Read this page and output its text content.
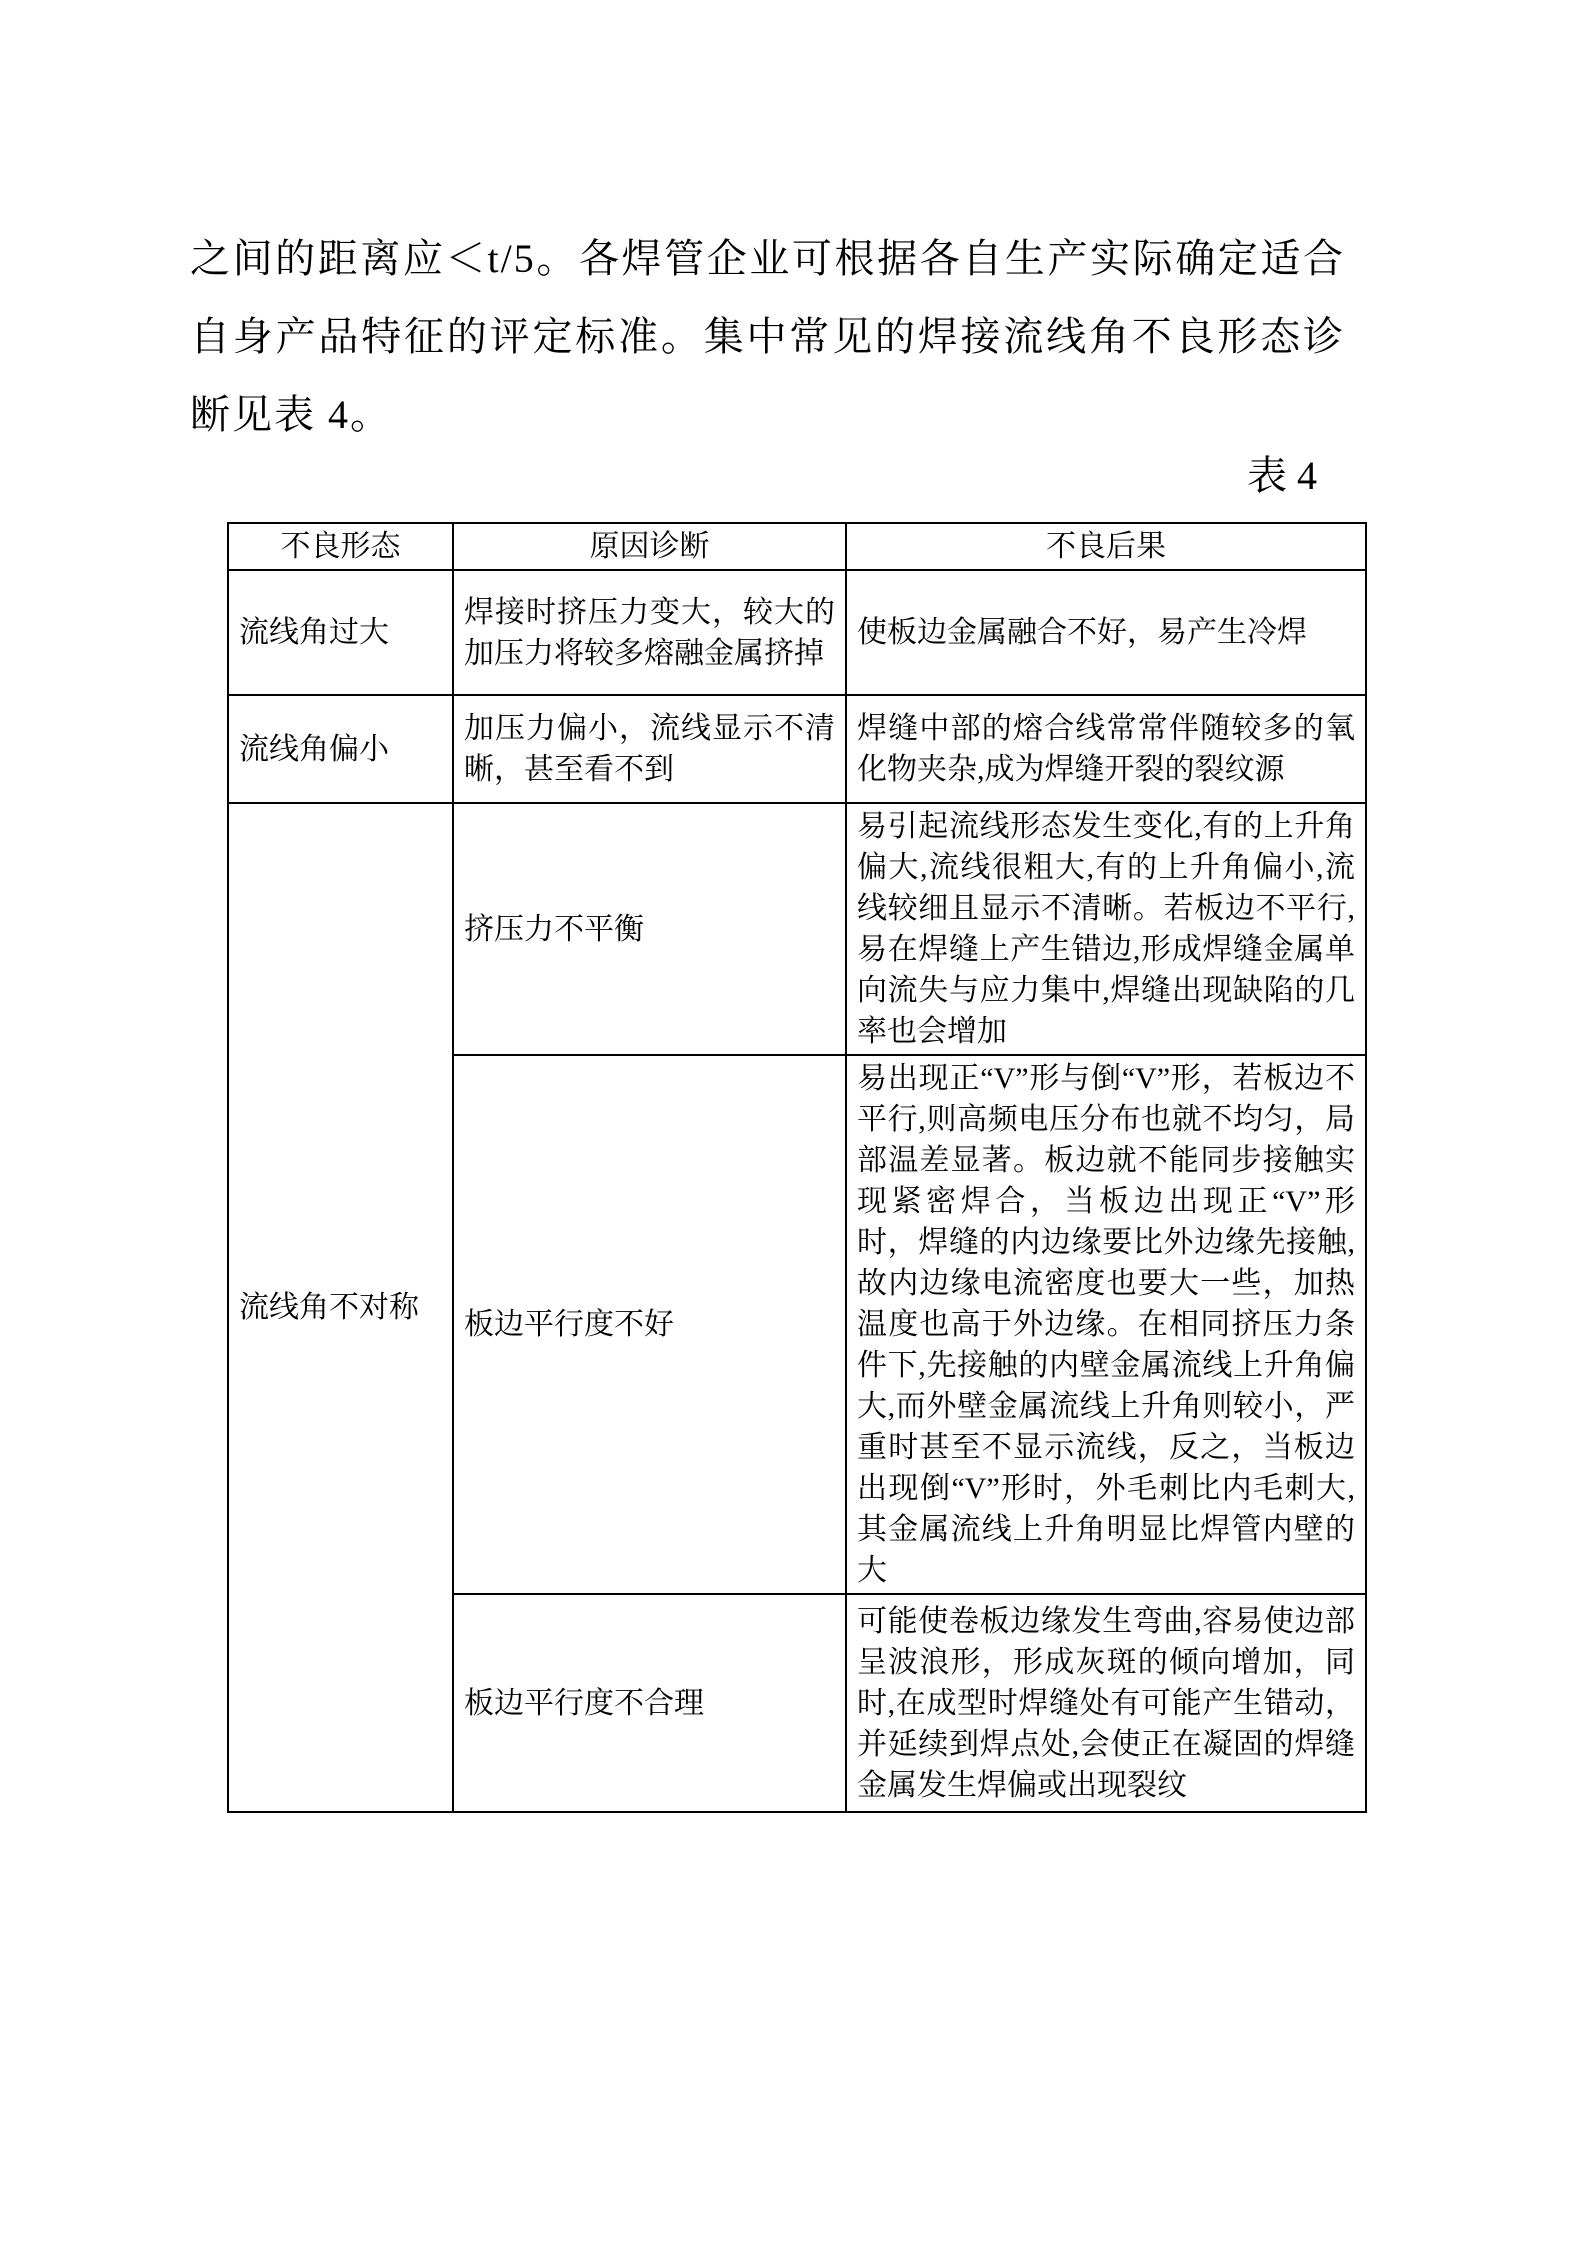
之间的距离应＜t/5。各焊管企业可根据各自生产实际确定适合自身产品特征的评定标准。集中常见的焊接流线角不良形态诊断见表 4。

表 4
不良形态	原因诊断	不良后果
流线角过大	焊接时挤压力变大，较大的加压力将较多熔融金属挤掉	使板边金属融合不好，易产生冷焊
流线角偏小	加压力偏小，流线显示不清晰，甚至看不到	焊缝中部的熔合线常常伴随较多的氧化物夹杂,成为焊缝开裂的裂纹源
流线角不对称	挤压力不平衡	易引起流线形态发生变化,有的上升角偏大,流线很粗大,有的上升角偏小,流线较细且显示不清晰。若板边不平行,易在焊缝上产生错边,形成焊缝金属单向流失与应力集中,焊缝出现缺陷的几率也会增加
	板边平行度不好	易出现正“V”形与倒“V”形，若板边不平行,则高频电压分布也就不均匀，局部温差显著。板边就不能同步接触实现紧密焊合，当板边出现正“V”形时，焊缝的内边缘要比外边缘先接触,故内边缘电流密度也要大一些，加热温度也高于外边缘。在相同挤压力条件下,先接触的内壁金属流线上升角偏大,而外壁金属流线上升角则较小，严重时甚至不显示流线，反之，当板边出现倒“V”形时，外毛刺比内毛刺大,其金属流线上升角明显比焊管内壁的大
	板边平行度不合理	可能使卷板边缘发生弯曲,容易使边部呈波浪形，形成灰斑的倾向增加，同时,在成型时焊缝处有可能产生错动，并延续到焊点处,会使正在凝固的焊缝金属发生焊偏或出现裂纹
